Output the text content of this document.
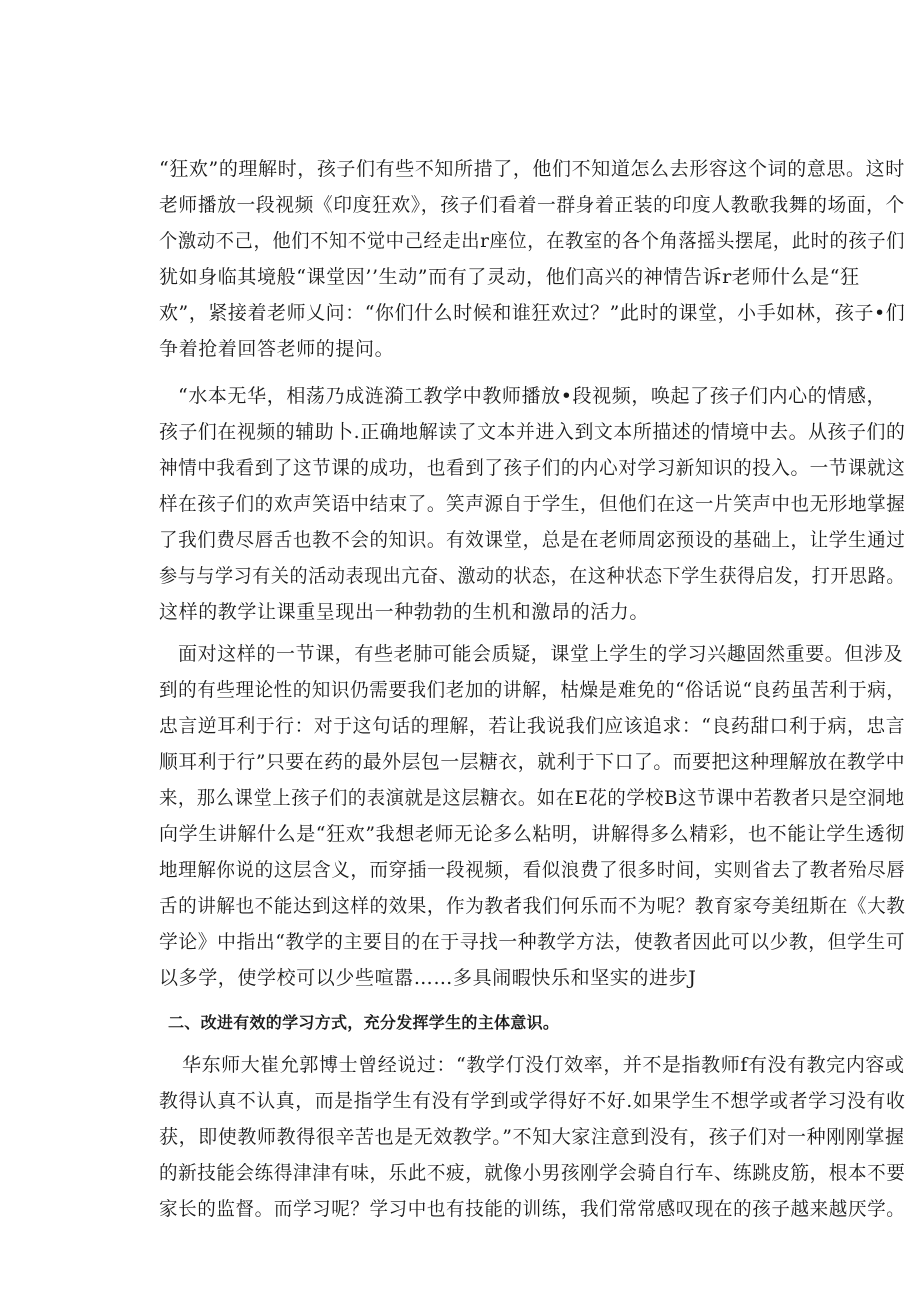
“狂欢”的理解时，孩子们有些不知所措了，他们不知道怎么去形容这个词的意思。这时
老师播放一段视频《印度狂欢》，孩子们看着一群身着正装的印度人教歌我舞的场面，个
个激动不己，他们不知不觉中己经走出r座位，在教室的各个角落摇头摆尾，此时的孩子们
犹如身临其境般“课堂因’’生动”而有了灵动，他们高兴的神情告诉r老师什么是“狂
欢”，紧接着老师乂问：“你们什么时候和谁狂欢过？”此时的课堂，小手如林，孩子•们
争着抢着回答老师的提问。
“水本无华，相荡乃成涟漪工教学中教师播放•段视频，唤起了孩子们内心的情感，
孩子们在视频的辅助卜.正确地解读了文本并进入到文本所描述的情境中去。从孩子们的
神情中我看到了这节课的成功，也看到了孩子们的内心对学习新知识的投入。一节课就这
样在孩子们的欢声笑语中结束了。笑声源自于学生，但他们在这一片笑声中也无形地掌握
了我们费尽唇舌也教不会的知识。有效课堂，总是在老师周宓预设的基础上，让学生通过
参与与学习有关的活动表现出亢奋、激动的状态，在这种状态下学生获得启发，打开思路。
这样的教学让课重呈现出一种勃勃的生机和激昂的活力。
面对这样的一节课，有些老肺可能会质疑，课堂上学生的学习兴趣固然重要。但涉及
到的有些理论性的知识仍需要我们老加的讲解，枯燥是难免的“俗话说“良药虽苦利于病，
忠言逆耳利于行：对于这句话的理解，若让我说我们应该追求：“良药甜口利于病，忠言
顺耳利于行”只要在药的最外层包一层糖衣，就利于下口了。而要把这种理解放在教学中
来，那么课堂上孩子们的表演就是这层糖衣。如在E花的学校B这节课中若教者只是空洞地
向学生讲解什么是“狂欢”我想老师无论多么粘明，讲解得多么精彩，也不能让学生透彻
地理解你说的这层含义，而穿插一段视频，看似浪费了很多时间，实则省去了教者殆尽唇
舌的讲解也不能达到这样的效果，作为教者我们何乐而不为呢？教育家夸美纽斯在《大教
学论》中指出“教学的主要目的在于寻找一种教学方法，使教者因此可以少教，但学生可
以多学，使学校可以少些喧嚣……多具闹暇快乐和坚实的进步J
二、改进有效的学习方式，充分发挥学生的主体意识。
华东师大崔允郭博士曾经说过：“教学仃没仃效率，并不是指教师f有没有教完内容或
教得认真不认真，而是指学生有没有学到或学得好不好.如果学生不想学或者学习没有收
获，即使教师教得很辛苦也是无效教学。”不知大家注意到没有，孩子们对一种刚刚掌握
的新技能会练得津津有味，乐此不疲，就像小男孩刚学会骑自行车、练跳皮筋，根本不要
家长的监督。而学习呢？学习中也有技能的训练，我们常常感叹现在的孩子越来越厌学。
